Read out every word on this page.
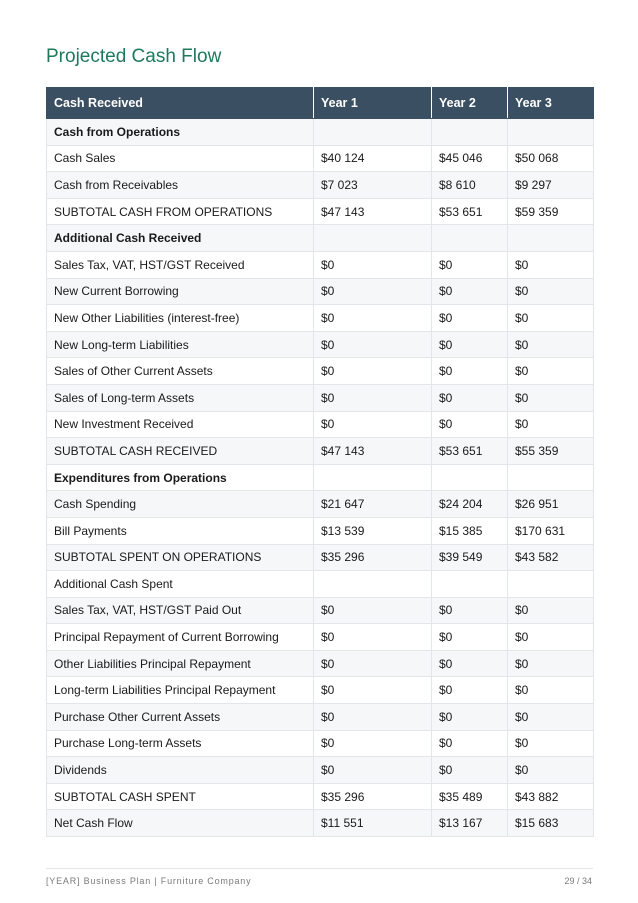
Projected Cash Flow
Cash Received	Year 1	Year 2	Year 3
Cash from Operations			
Cash Sales	$40 124	$45 046	$50 068
Cash from Receivables	$7 023	$8 610	$9 297
SUBTOTAL CASH FROM OPERATIONS	$47 143	$53 651	$59 359
Additional Cash Received			
Sales Tax, VAT, HST/GST Received	$0	$0	$0
New Current Borrowing	$0	$0	$0
New Other Liabilities (interest-free)	$0	$0	$0
New Long-term Liabilities	$0	$0	$0
Sales of Other Current Assets	$0	$0	$0
Sales of Long-term Assets	$0	$0	$0
New Investment Received	$0	$0	$0
SUBTOTAL CASH RECEIVED	$47 143	$53 651	$55 359
Expenditures from Operations			
Cash Spending	$21 647	$24 204	$26 951
Bill Payments	$13 539	$15 385	$170 631
SUBTOTAL SPENT ON OPERATIONS	$35 296	$39 549	$43 582
Additional Cash Spent			
Sales Tax, VAT, HST/GST Paid Out	$0	$0	$0
Principal Repayment of Current Borrowing	$0	$0	$0
Other Liabilities Principal Repayment	$0	$0	$0
Long-term Liabilities Principal Repayment	$0	$0	$0
Purchase Other Current Assets	$0	$0	$0
Purchase Long-term Assets	$0	$0	$0
Dividends	$0	$0	$0
SUBTOTAL CASH SPENT	$35 296	$35 489	$43 882
Net Cash Flow	$11 551	$13 167	$15 683
[YEAR] Business Plan | Furniture Company	29 / 34
